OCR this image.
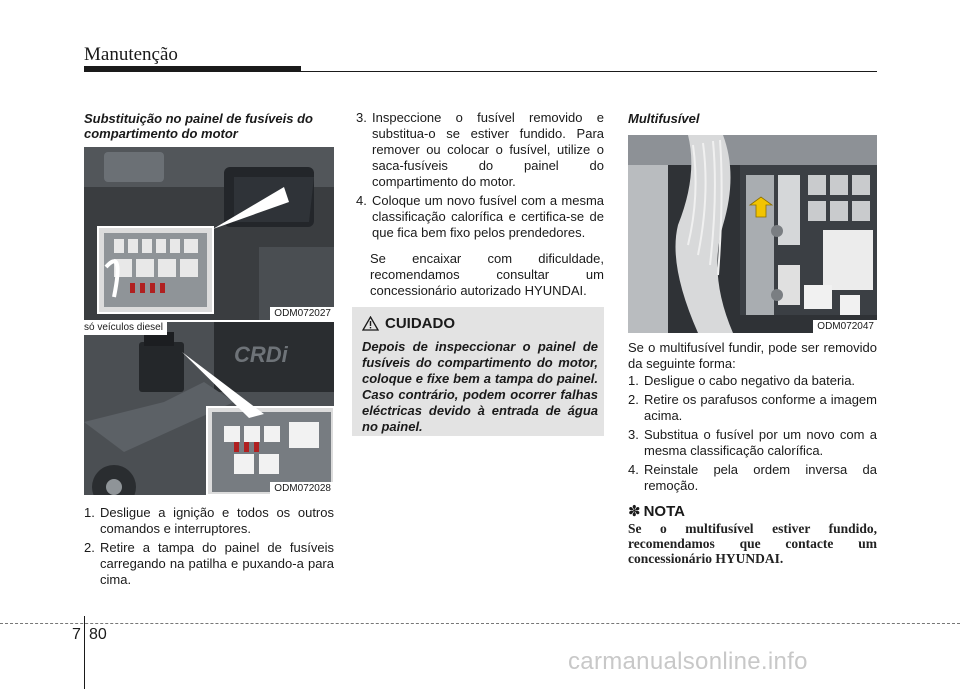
Manutenção
Substituição no painel de fusíveis do compartimento do motor
ODM072027
CRDi
só veículos diesel
ODM072028
1. Desligue a ignição e todos os outros comandos e interruptores.
2. Retire a tampa do painel de fusíveis carregando na patilha e puxando-a para cima.
3. Inspeccione o fusível removido e substitua-o se estiver fundido. Para remover ou colocar o fusível, utilize o saca-fusíveis do painel do compartimento do motor.
4. Coloque um novo fusível com a mesma classificação calorífica e certifica-se de que fica bem fixo pelos prendedores.
Se encaixar com dificuldade, recomendamos consultar um concessionário autorizado HYUNDAI.
CUIDADO
Depois de inspeccionar o painel de fusíveis do compartimento do motor, coloque e fixe bem a tampa do painel. Caso contrário, podem ocorrer falhas eléctricas devido à entrada de água no painel.
Multifusível
ODM072047
Se o multifusível fundir, pode ser removido da seguinte forma:
1. Desligue o cabo negativo da bateria.
2. Retire os parafusos conforme a imagem acima.
3. Substitua o fusível por um novo com a mesma classificação calorífica.
4. Reinstale pela ordem inversa da remoção.
✽ NOTA
Se o multifusível estiver fundido, recomendamos que contacte um concessionário HYUNDAI.
7 80
carmanualsonline.info
